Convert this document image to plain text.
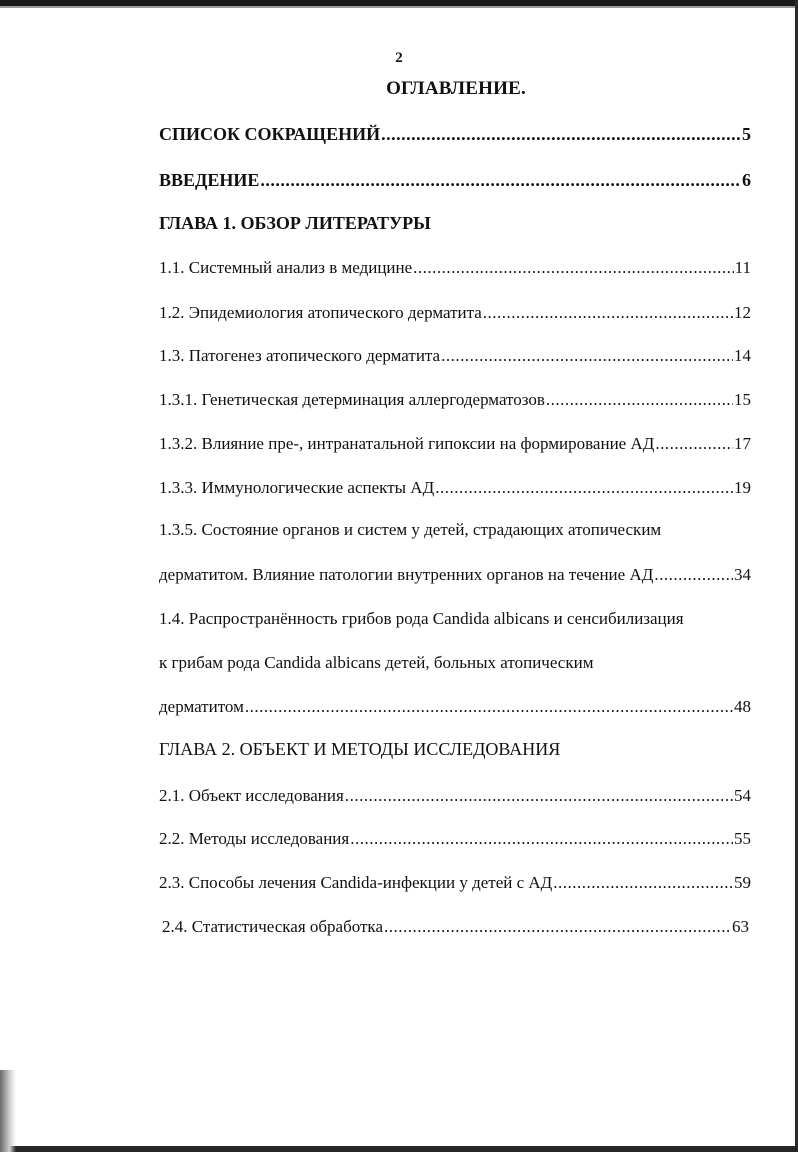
2
ОГЛАВЛЕНИЕ.
СПИСОК СОКРАЩЕНИЙ .....	5
ВВЕДЕНИЕ .....	6
ГЛАВА 1. ОБЗОР ЛИТЕРАТУРЫ
1.1. Системный анализ в медицине .....	11
1.2. Эпидемиология атопического дерматита .....	12
1.3. Патогенез атопического дерматита .....	14
1.3.1. Генетическая детерминация аллергодерматозов .....	15
1.3.2. Влияние пре-, интранатальной гипоксии на формирование АД .....	17
1.3.3. Иммунологические аспекты АД .....	19
1.3.5. Состояние органов и систем у детей, страдающих атопическим
дерматитом. Влияние патологии внутренних органов на течение АД .....	34
1.4. Распространённость грибов рода Candida albicans и сенсибилизация
к грибам рода Candida albicans детей, больных атопическим
дерматитом .....	48
ГЛАВА 2. ОБЪЕКТ И МЕТОДЫ ИССЛЕДОВАНИЯ
2.1. Объект исследования .....	54
2.2. Методы исследования .....	55
2.3. Способы лечения Candida-инфекции у детей с АД .....	59
2.4. Статистическая обработка .....	63
